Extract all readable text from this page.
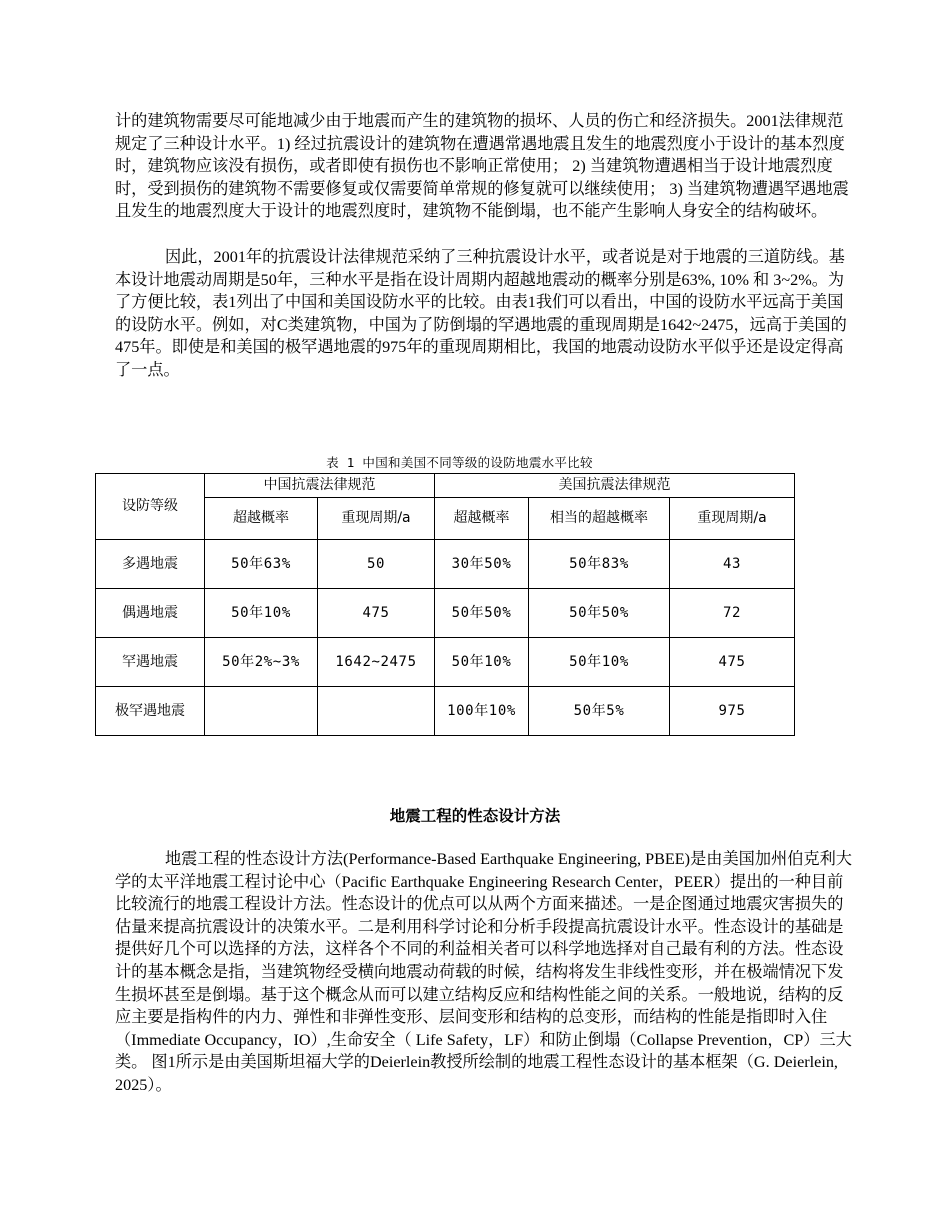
计的建筑物需要尽可能地减少由于地震而产生的建筑物的损坏、人员的伤亡和经济损失。2001法律规范规定了三种设计水平。1) 经过抗震设计的建筑物在遭遇常遇地震且发生的地震烈度小于设计的基本烈度时，建筑物应该没有损伤，或者即使有损伤也不影响正常使用； 2) 当建筑物遭遇相当于设计地震烈度时，受到损伤的建筑物不需要修复或仅需要简单常规的修复就可以继续使用； 3) 当建筑物遭遇罕遇地震且发生的地震烈度大于设计的地震烈度时，建筑物不能倒塌，也不能产生影响人身安全的结构破坏。

因此，2001年的抗震设计法律规范采纳了三种抗震设计水平，或者说是对于地震的三道防线。基本设计地震动周期是50年，三种水平是指在设计周期内超越地震动的概率分别是63%, 10% 和 3~2%。为了方便比较，表1列出了中国和美国设防水平的比较。由表1我们可以看出，中国的设防水平远高于美国的设防水平。例如，对C类建筑物，中国为了防倒塌的罕遇地震的重现周期是1642~2475，远高于美国的475年。即使是和美国的极罕遇地震的975年的重现周期相比，我国的地震动设防水平似乎还是设定得高了一点。

表 1 中国和美国不同等级的设防地震水平比较

设防等级	中国抗震法律规范		美国抗震法律规范		
	超越概率	重现周期/a	超越概率	相当的超越概率	重现周期/a
多遇地震	50年63%	50	30年50%	50年83%	43
偶遇地震	50年10%	475	50年50%	50年50%	72
罕遇地震	50年2%~3%	1642~2475	50年10%	50年10%	475
极罕遇地震			100年10%	50年5%	975
地震工程的性态设计方法

地震工程的性态设计方法(Performance-Based Earthquake Engineering, PBEE)是由美国加州伯克利大学的太平洋地震工程讨论中心（Pacific Earthquake Engineering Research Center，PEER）提出的一种目前比较流行的地震工程设计方法。性态设计的优点可以从两个方面来描述。一是企图通过地震灾害损失的估量来提高抗震设计的决策水平。二是利用科学讨论和分析手段提高抗震设计水平。性态设计的基础是提供好几个可以选择的方法，这样各个不同的利益相关者可以科学地选择对自己最有利的方法。性态设计的基本概念是指，当建筑物经受横向地震动荷载的时候，结构将发生非线性变形，并在极端情况下发生损坏甚至是倒塌。基于这个概念从而可以建立结构反应和结构性能之间的关系。一般地说，结构的反应主要是指构件的内力、弹性和非弹性变形、层间变形和结构的总变形，而结构的性能是指即时入住（Immediate Occupancy，IO）,生命安全（ Life Safety，LF）和防止倒塌（Collapse Prevention，CP）三大类。 图1所示是由美国斯坦福大学的Deierlein教授所绘制的地震工程性态设计的基本框架（G. Deierlein, 2025）。
